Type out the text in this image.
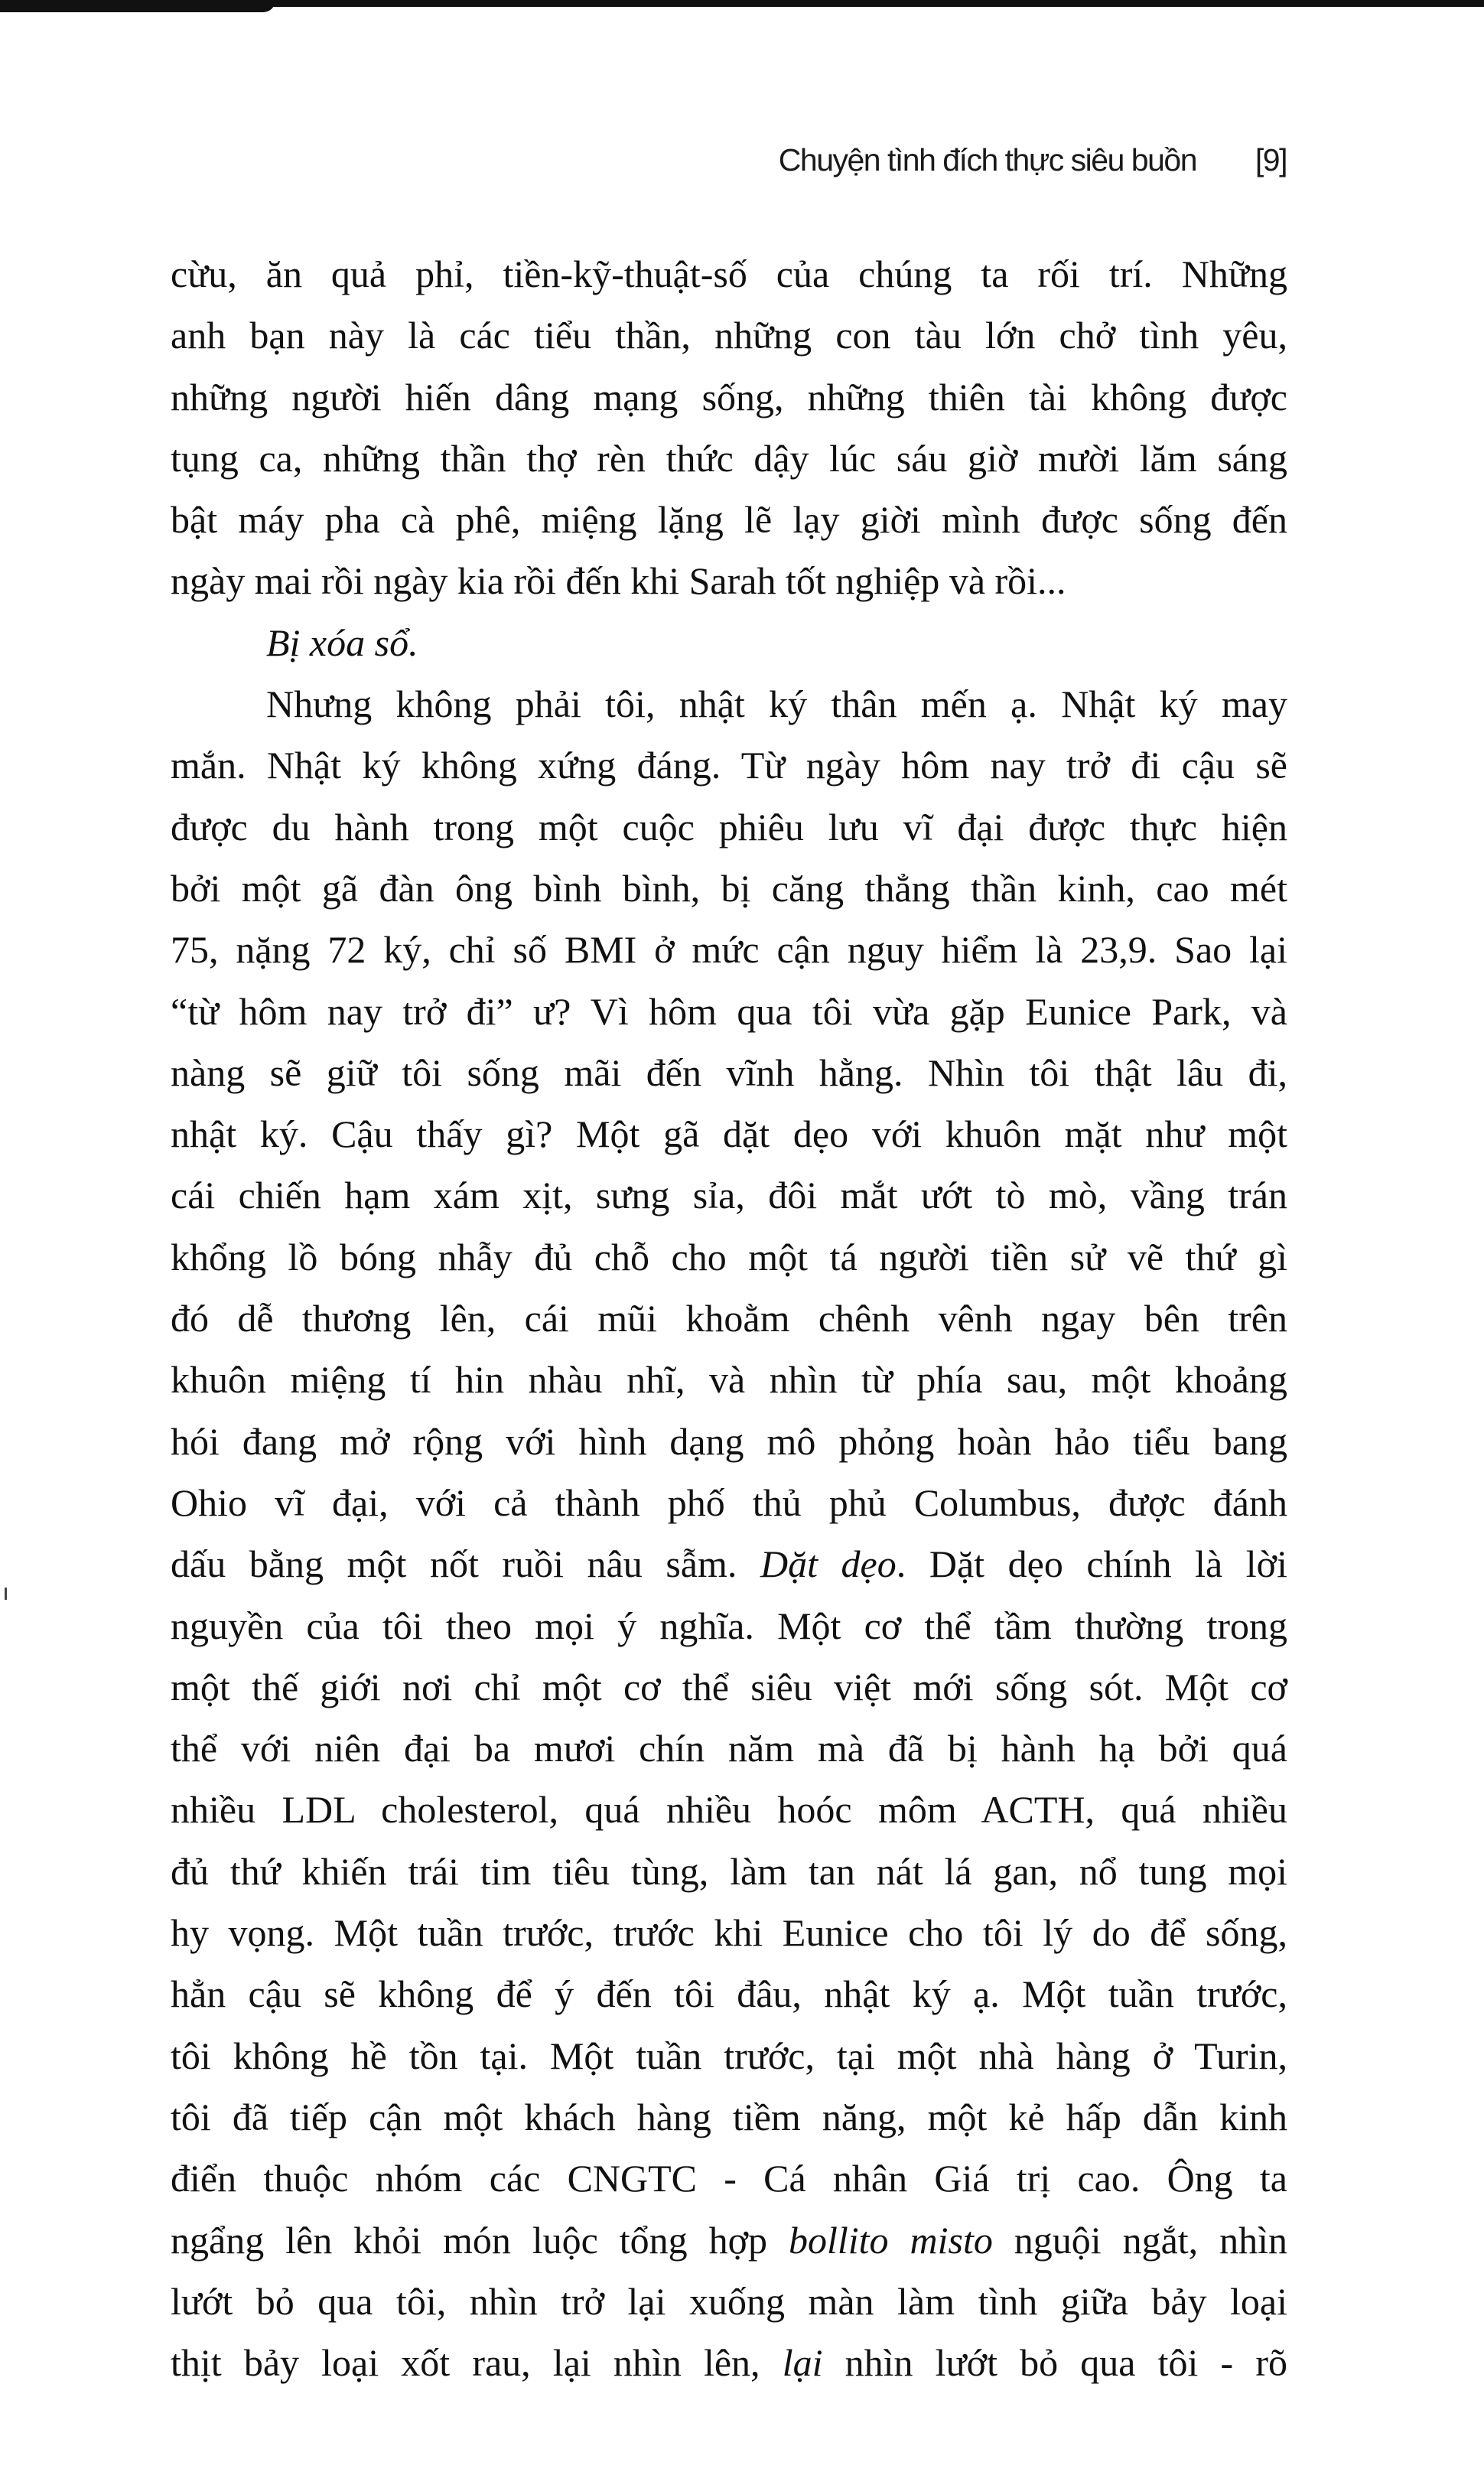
Chuyện tình đích thực siêu buồn [9]
cừu, ăn quả phỉ, tiền-kỹ-thuật-số của chúng ta rối trí. Những
anh bạn này là các tiểu thần, những con tàu lớn chở tình yêu,
những người hiến dâng mạng sống, những thiên tài không được
tụng ca, những thần thợ rèn thức dậy lúc sáu giờ mười lăm sáng
bật máy pha cà phê, miệng lặng lẽ lạy giời mình được sống đến
ngày mai rồi ngày kia rồi đến khi Sarah tốt nghiệp và rồi...
Bị xóa sổ.
Nhưng không phải tôi, nhật ký thân mến ạ. Nhật ký may
mắn. Nhật ký không xứng đáng. Từ ngày hôm nay trở đi cậu sẽ
được du hành trong một cuộc phiêu lưu vĩ đại được thực hiện
bởi một gã đàn ông bình bình, bị căng thẳng thần kinh, cao mét
75, nặng 72 ký, chỉ số BMI ở mức cận nguy hiểm là 23,9. Sao lại
“từ hôm nay trở đi” ư? Vì hôm qua tôi vừa gặp Eunice Park, và
nàng sẽ giữ tôi sống mãi đến vĩnh hằng. Nhìn tôi thật lâu đi,
nhật ký. Cậu thấy gì? Một gã dặt dẹo với khuôn mặt như một
cái chiến hạm xám xịt, sưng sỉa, đôi mắt ướt tò mò, vầng trán
khổng lồ bóng nhẫy đủ chỗ cho một tá người tiền sử vẽ thứ gì
đó dễ thương lên, cái mũi khoằm chênh vênh ngay bên trên
khuôn miệng tí hin nhàu nhĩ, và nhìn từ phía sau, một khoảng
hói đang mở rộng với hình dạng mô phỏng hoàn hảo tiểu bang
Ohio vĩ đại, với cả thành phố thủ phủ Columbus, được đánh
dấu bằng một nốt ruồi nâu sẫm. Dặt dẹo. Dặt dẹo chính là lời
nguyền của tôi theo mọi ý nghĩa. Một cơ thể tầm thường trong
một thế giới nơi chỉ một cơ thể siêu việt mới sống sót. Một cơ
thể với niên đại ba mươi chín năm mà đã bị hành hạ bởi quá
nhiều LDL cholesterol, quá nhiều hoóc môm ACTH, quá nhiều
đủ thứ khiến trái tim tiêu tùng, làm tan nát lá gan, nổ tung mọi
hy vọng. Một tuần trước, trước khi Eunice cho tôi lý do để sống,
hẳn cậu sẽ không để ý đến tôi đâu, nhật ký ạ. Một tuần trước,
tôi không hề tồn tại. Một tuần trước, tại một nhà hàng ở Turin,
tôi đã tiếp cận một khách hàng tiềm năng, một kẻ hấp dẫn kinh
điển thuộc nhóm các CNGTC - Cá nhân Giá trị cao. Ông ta
ngẩng lên khỏi món luộc tổng hợp bollito misto nguội ngắt, nhìn
lướt bỏ qua tôi, nhìn trở lại xuống màn làm tình giữa bảy loại
thịt bảy loại xốt rau, lại nhìn lên, lại nhìn lướt bỏ qua tôi - rõ
